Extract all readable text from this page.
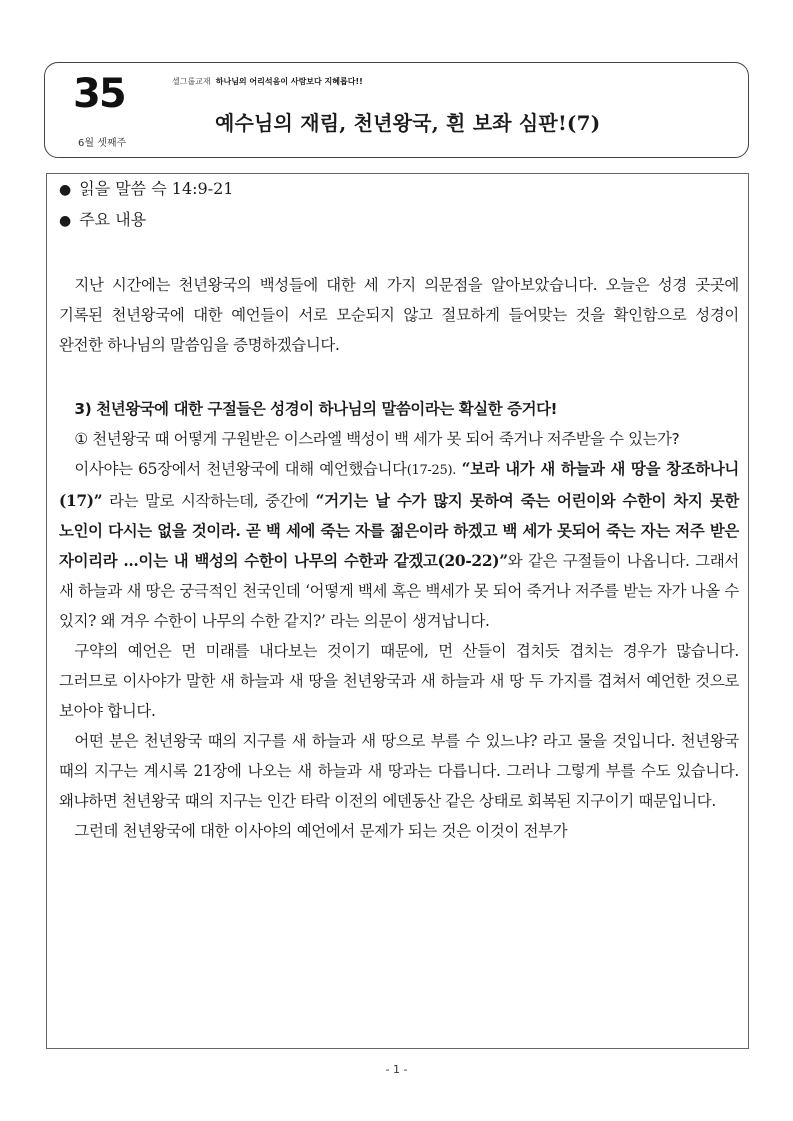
35
6월 셋째주
셀그룹교재 하나님의 어리석음이 사람보다 지혜롭다!!
예수님의 재림, 천년왕국, 흰 보좌 심판!(7)

● 읽을 말씀 슥 14:9-21

● 주요 내용

지난 시간에는 천년왕국의 백성들에 대한 세 가지 의문점을 알아보았습니다. 오늘은 성경 곳곳에 기록된 천년왕국에 대한 예언들이 서로 모순되지 않고 절묘하게 들어맞는 것을 확인함으로 성경이 완전한 하나님의 말씀임을 증명하겠습니다.

3) 천년왕국에 대한 구절들은 성경이 하나님의 말씀이라는 확실한 증거다!

① 천년왕국 때 어떻게 구원받은 이스라엘 백성이 백 세가 못 되어 죽거나 저주받을 수 있는가?

이사야는 65장에서 천년왕국에 대해 예언했습니다(17-25). “보라 내가 새 하늘과 새 땅을 창조하나니(17)” 라는 말로 시작하는데, 중간에 “거기는 날 수가 많지 못하여 죽는 어린이와 수한이 차지 못한 노인이 다시는 없을 것이라. 곧 백 세에 죽는 자를 젊은이라 하겠고 백 세가 못되어 죽는 자는 저주 받은 자이리라 …이는 내 백성의 수한이 나무의 수한과 같겠고(20-22)”와 같은 구절들이 나옵니다. 그래서 새 하늘과 새 땅은 궁극적인 천국인데 ‘어떻게 백세 혹은 백세가 못 되어 죽거나 저주를 받는 자가 나올 수 있지? 왜 겨우 수한이 나무의 수한 같지?’ 라는 의문이 생겨납니다.

구약의 예언은 먼 미래를 내다보는 것이기 때문에, 먼 산들이 겹치듯 겹치는 경우가 많습니다. 그러므로 이사야가 말한 새 하늘과 새 땅을 천년왕국과 새 하늘과 새 땅 두 가지를 겹쳐서 예언한 것으로 보아야 합니다.

어떤 분은 천년왕국 때의 지구를 새 하늘과 새 땅으로 부를 수 있느냐? 라고 물을 것입니다. 천년왕국 때의 지구는 계시록 21장에 나오는 새 하늘과 새 땅과는 다릅니다. 그러나 그렇게 부를 수도 있습니다. 왜냐하면 천년왕국 때의 지구는 인간 타락 이전의 에덴동산 같은 상태로 회복된 지구이기 때문입니다.

그런데 천년왕국에 대한 이사야의 예언에서 문제가 되는 것은 이것이 전부가

- 1 -
